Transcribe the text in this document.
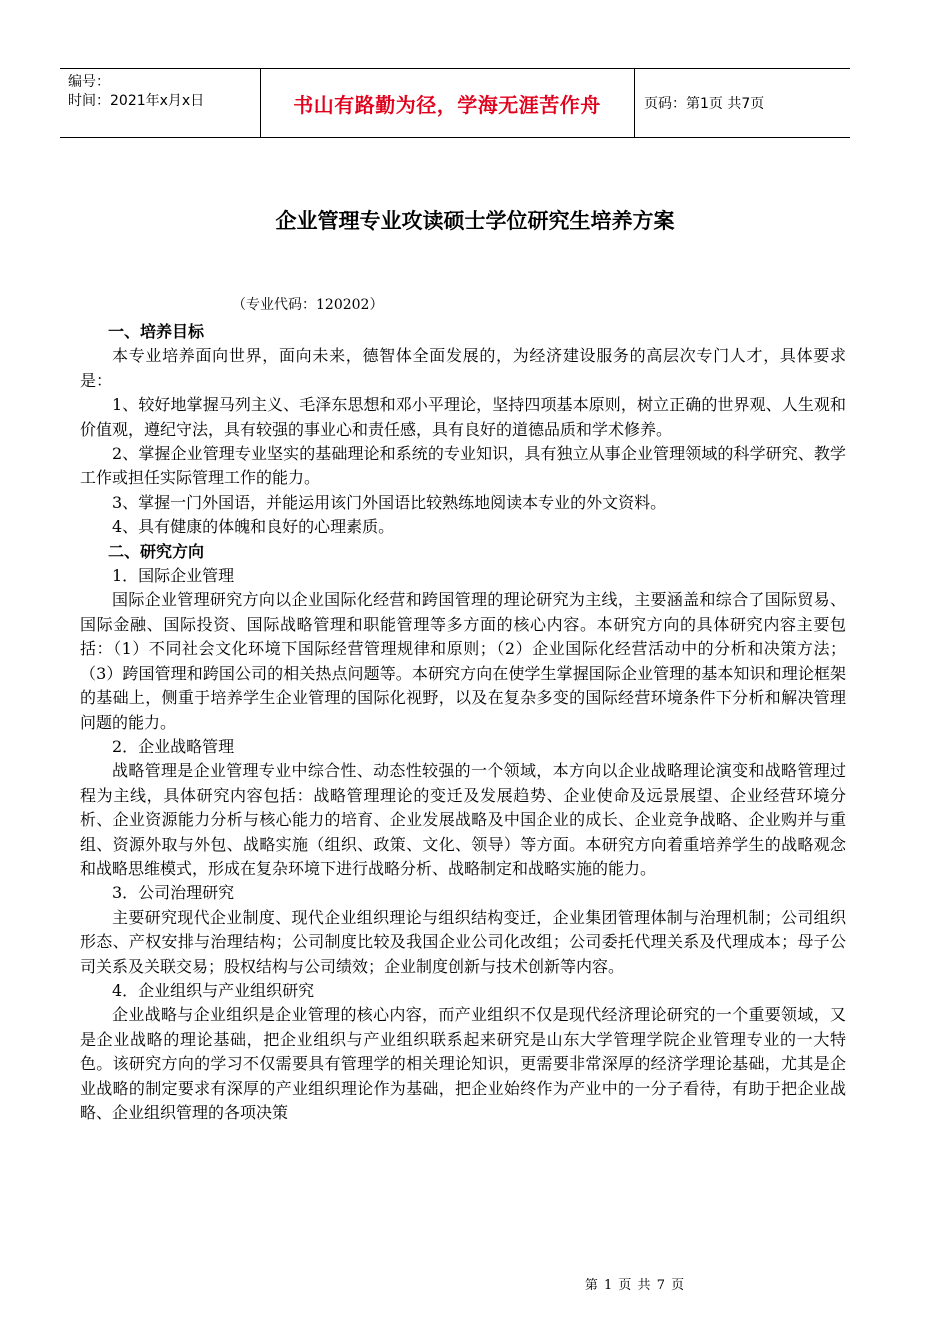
编号：
时间：2021年x月x日	书山有路勤为径，学海无涯苦作舟	页码：第1页 共7页
企业管理专业攻读硕士学位研究生培养方案
（专业代码：120202）
一、培养目标

本专业培养面向世界，面向未来，德智体全面发展的，为经济建设服务的高层次专门人才，具体要求是：

1、较好地掌握马列主义、毛泽东思想和邓小平理论，坚持四项基本原则，树立正确的世界观、人生观和价值观，遵纪守法，具有较强的事业心和责任感，具有良好的道德品质和学术修养。

2、掌握企业管理专业坚实的基础理论和系统的专业知识，具有独立从事企业管理领域的科学研究、教学工作或担任实际管理工作的能力。

3、掌握一门外国语，并能运用该门外国语比较熟练地阅读本专业的外文资料。

4、具有健康的体魄和良好的心理素质。

二、研究方向

1．国际企业管理

国际企业管理研究方向以企业国际化经营和跨国管理的理论研究为主线，主要涵盖和综合了国际贸易、国际金融、国际投资、国际战略管理和职能管理等多方面的核心内容。本研究方向的具体研究内容主要包括：（1）不同社会文化环境下国际经营管理规律和原则；（2）企业国际化经营活动中的分析和决策方法；（3）跨国管理和跨国公司的相关热点问题等。本研究方向在使学生掌握国际企业管理的基本知识和理论框架的基础上，侧重于培养学生企业管理的国际化视野，以及在复杂多变的国际经营环境条件下分析和解决管理问题的能力。

2．企业战略管理

战略管理是企业管理专业中综合性、动态性较强的一个领域，本方向以企业战略理论演变和战略管理过程为主线，具体研究内容包括：战略管理理论的变迁及发展趋势、企业使命及远景展望、企业经营环境分析、企业资源能力分析与核心能力的培育、企业发展战略及中国企业的成长、企业竞争战略、企业购并与重组、资源外取与外包、战略实施（组织、政策、文化、领导）等方面。本研究方向着重培养学生的战略观念和战略思维模式，形成在复杂环境下进行战略分析、战略制定和战略实施的能力。

3．公司治理研究

主要研究现代企业制度、现代企业组织理论与组织结构变迁，企业集团管理体制与治理机制；公司组织形态、产权安排与治理结构；公司制度比较及我国企业公司化改组；公司委托代理关系及代理成本；母子公司关系及关联交易；股权结构与公司绩效；企业制度创新与技术创新等内容。

4．企业组织与产业组织研究

企业战略与企业组织是企业管理的核心内容，而产业组织不仅是现代经济理论研究的一个重要领域，又是企业战略的理论基础，把企业组织与产业组织联系起来研究是山东大学管理学院企业管理专业的一大特色。该研究方向的学习不仅需要具有管理学的相关理论知识，更需要非常深厚的经济学理论基础，尤其是企业战略的制定要求有深厚的产业组织理论作为基础，把企业始终作为产业中的一分子看待，有助于把企业战略、企业组织管理的各项决策

第 1 页 共 7 页
